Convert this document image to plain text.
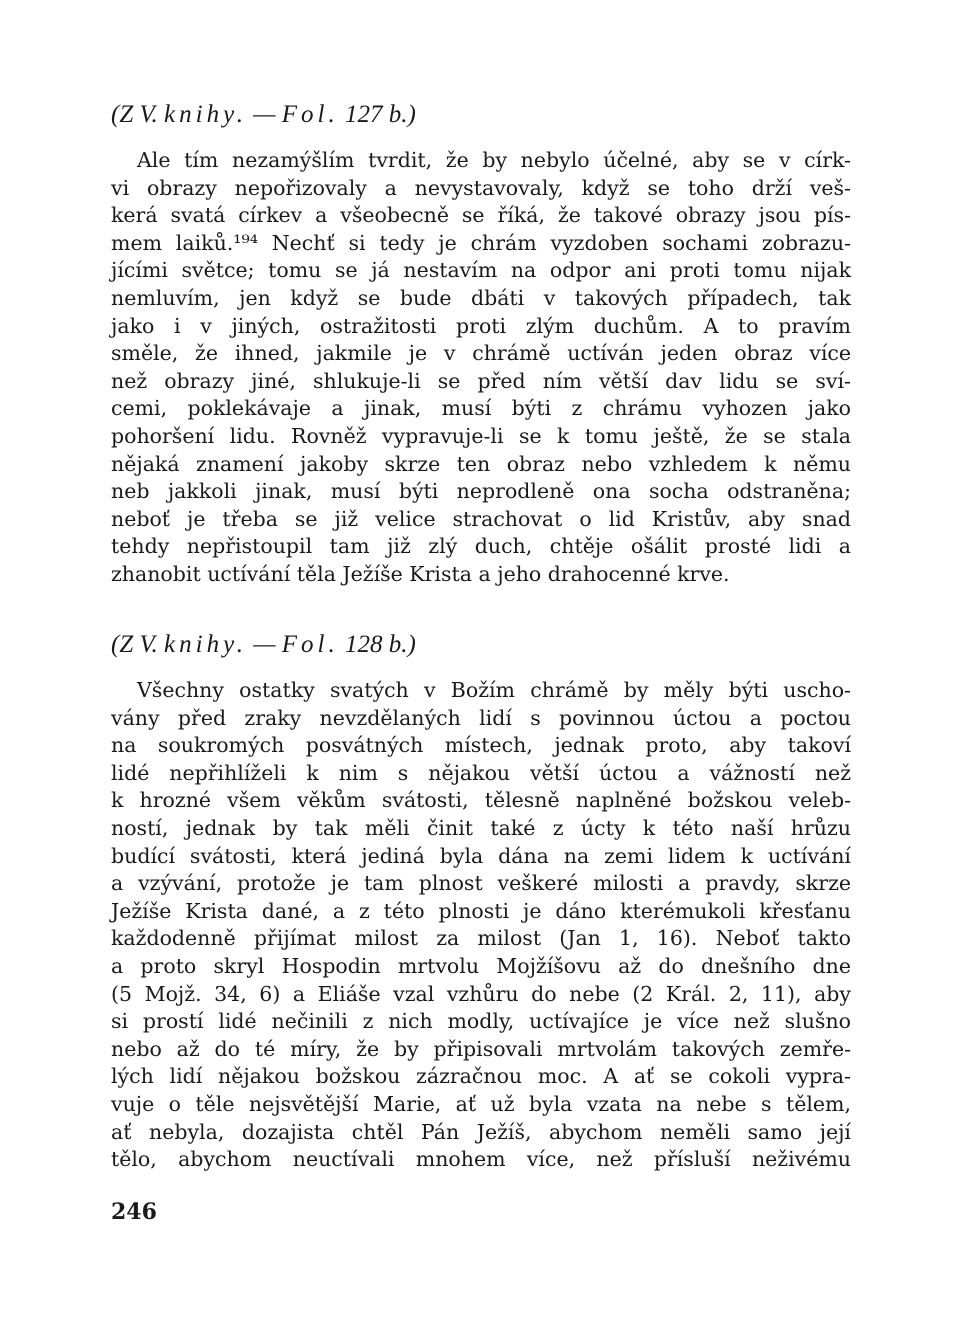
(Z V. knihy. — Fol. 127 b.)
Ale tím nezamýšlím tvrdit, že by nebylo účelné, aby se v círk-
vi obrazy nepořizovaly a nevystavovaly, když se toho drží veš-
kerá svatá církev a všeobecně se říká, že takové obrazy jsou pís-
mem laiků.¹⁹⁴ Nechť si tedy je chrám vyzdoben sochami zobrazu-
jícími světce; tomu se já nestavím na odpor ani proti tomu nijak
nemluvím, jen když se bude dbáti v takových případech, tak
jako i v jiných, ostražitosti proti zlým duchům. A to pravím
směle, že ihned, jakmile je v chrámě uctíván jeden obraz více
než obrazy jiné, shlukuje-li se před ním větší dav lidu se sví-
cemi, poklekávaje a jinak, musí býti z chrámu vyhozen jako
pohoršení lidu. Rovněž vypravuje-li se k tomu ještě, že se stala
nějaká znamení jakoby skrze ten obraz nebo vzhledem k němu
neb jakkoli jinak, musí býti neprodleně ona socha odstraněna;
neboť je třeba se již velice strachovat o lid Kristův, aby snad
tehdy nepřistoupil tam již zlý duch, chtěje ošálit prosté lidi a
zhanobit uctívání těla Ježíše Krista a jeho drahocenné krve.
(Z V. knihy. — Fol. 128 b.)
Všechny ostatky svatých v Božím chrámě by měly býti uscho-
vány před zraky nevzdělaných lidí s povinnou úctou a poctou
na soukromých posvátných místech, jednak proto, aby takoví
lidé nepřihlíželi k nim s nějakou větší úctou a vážností než
k hrozné všem věkům svátosti, tělesně naplněné božskou veleb-
ností, jednak by tak měli činit také z úcty k této naší hrůzu
budící svátosti, která jediná byla dána na zemi lidem k uctívání
a vzývání, protože je tam plnost veškeré milosti a pravdy, skrze
Ježíše Krista dané, a z této plnosti je dáno kterémukoli křesťanu
každodenně přijímat milost za milost (Jan 1, 16). Neboť takto
a proto skryl Hospodin mrtvolu Mojžíšovu až do dnešního dne
(5 Mojž. 34, 6) a Eliáše vzal vzhůru do nebe (2 Král. 2, 11), aby
si prostí lidé nečinili z nich modly, uctívajíce je více než slušno
nebo až do té míry, že by připisovali mrtvolám takových zemře-
lých lidí nějakou božskou zázračnou moc. A ať se cokoli vypra-
vuje o těle nejsvětější Marie, ať už byla vzata na nebe s tělem,
ať nebyla, dozajista chtěl Pán Ježíš, abychom neměli samo její
tělo, abychom neuctívali mnohem více, než přísluší neživému
246
